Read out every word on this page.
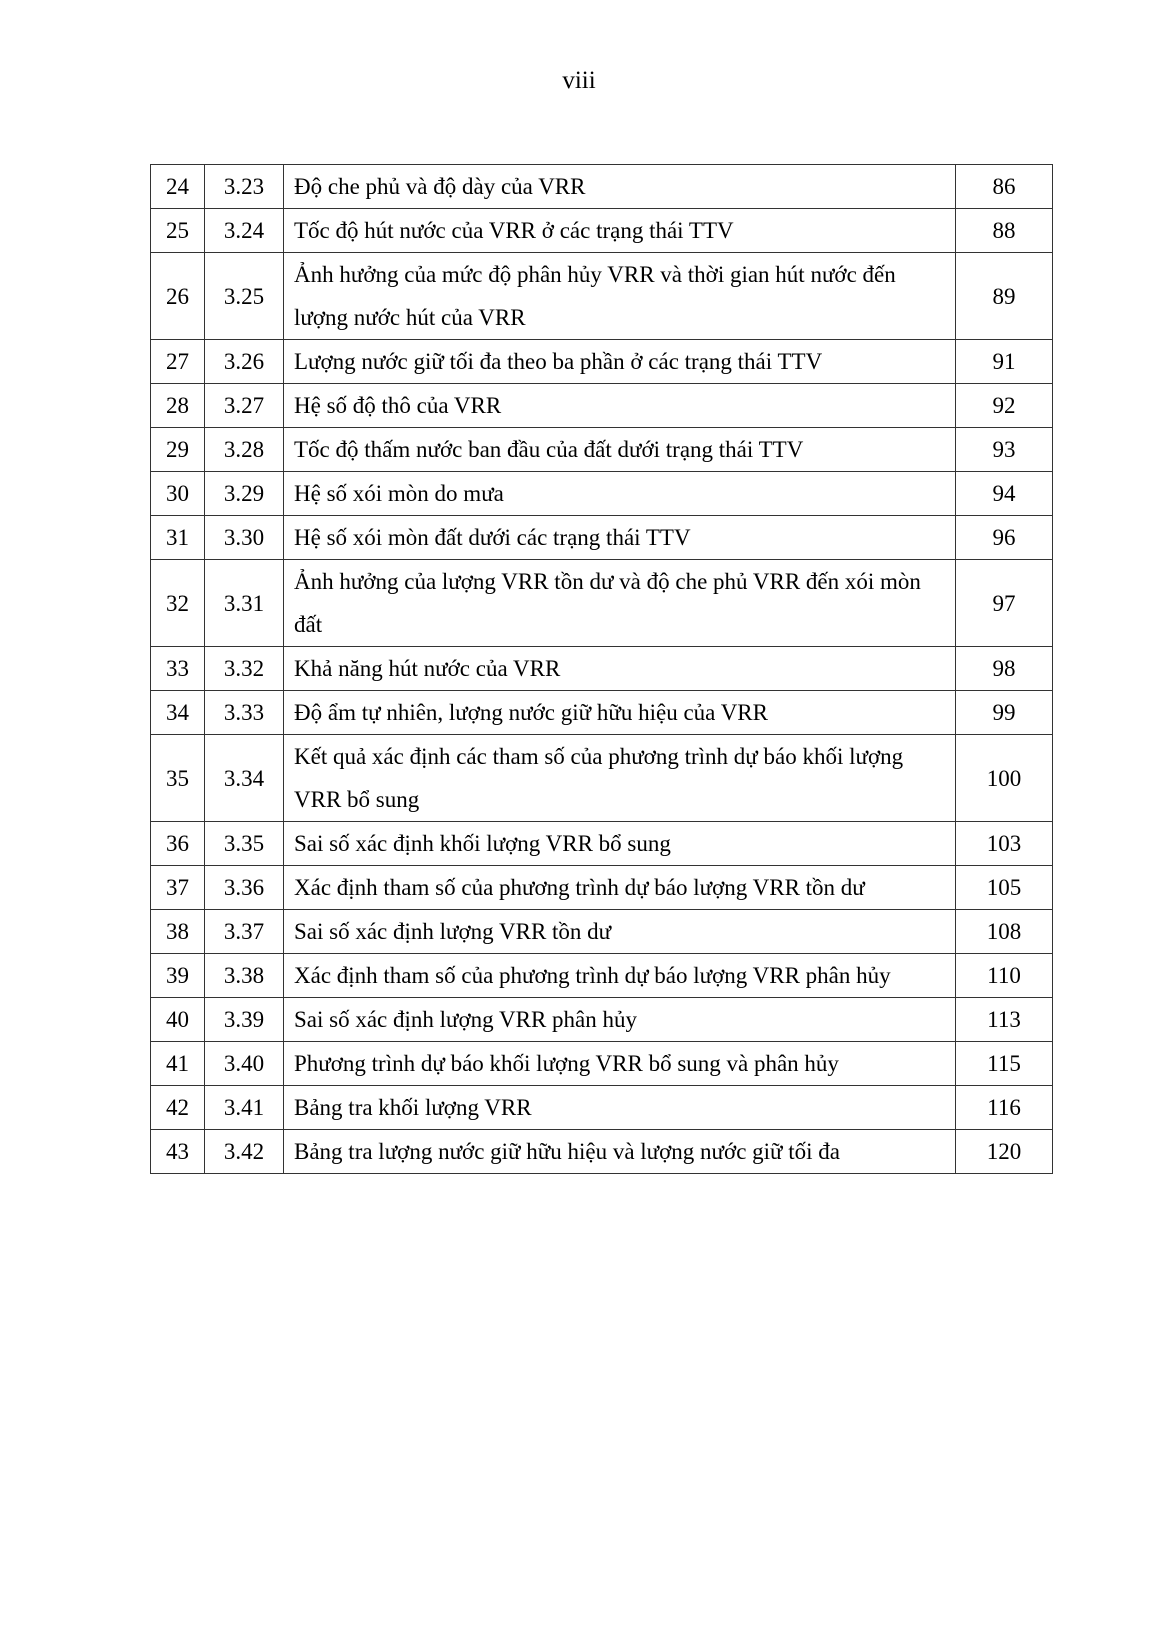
viii
24	3.23	Độ che phủ và độ dày của VRR	86
25	3.24	Tốc độ hút nước của VRR ở các trạng thái TTV	88
26	3.25	Ảnh hưởng của mức độ phân hủy VRR và thời gian hút nước đến lượng nước hút của VRR	89
27	3.26	Lượng nước giữ tối đa theo ba phần ở các trạng thái TTV	91
28	3.27	Hệ số độ thô của VRR	92
29	3.28	Tốc độ thấm nước ban đầu của đất dưới trạng thái TTV	93
30	3.29	Hệ số xói mòn do mưa	94
31	3.30	Hệ số xói mòn đất dưới các trạng thái TTV	96
32	3.31	Ảnh hưởng của lượng VRR tồn dư và độ che phủ VRR đến xói mòn đất	97
33	3.32	Khả năng hút nước của VRR	98
34	3.33	Độ ẩm tự nhiên, lượng nước giữ hữu hiệu của VRR	99
35	3.34	Kết quả xác định các tham số của phương trình dự báo khối lượng VRR bổ sung	100
36	3.35	Sai số xác định khối lượng VRR bổ sung	103
37	3.36	Xác định tham số của phương trình dự báo lượng VRR tồn dư	105
38	3.37	Sai số xác định lượng VRR tồn dư	108
39	3.38	Xác định tham số của phương trình dự báo lượng VRR phân hủy	110
40	3.39	Sai số xác định lượng VRR phân hủy	113
41	3.40	Phương trình dự báo khối lượng VRR bổ sung và phân hủy	115
42	3.41	Bảng tra khối lượng VRR	116
43	3.42	Bảng tra lượng nước giữ hữu hiệu và lượng nước giữ tối đa	120
